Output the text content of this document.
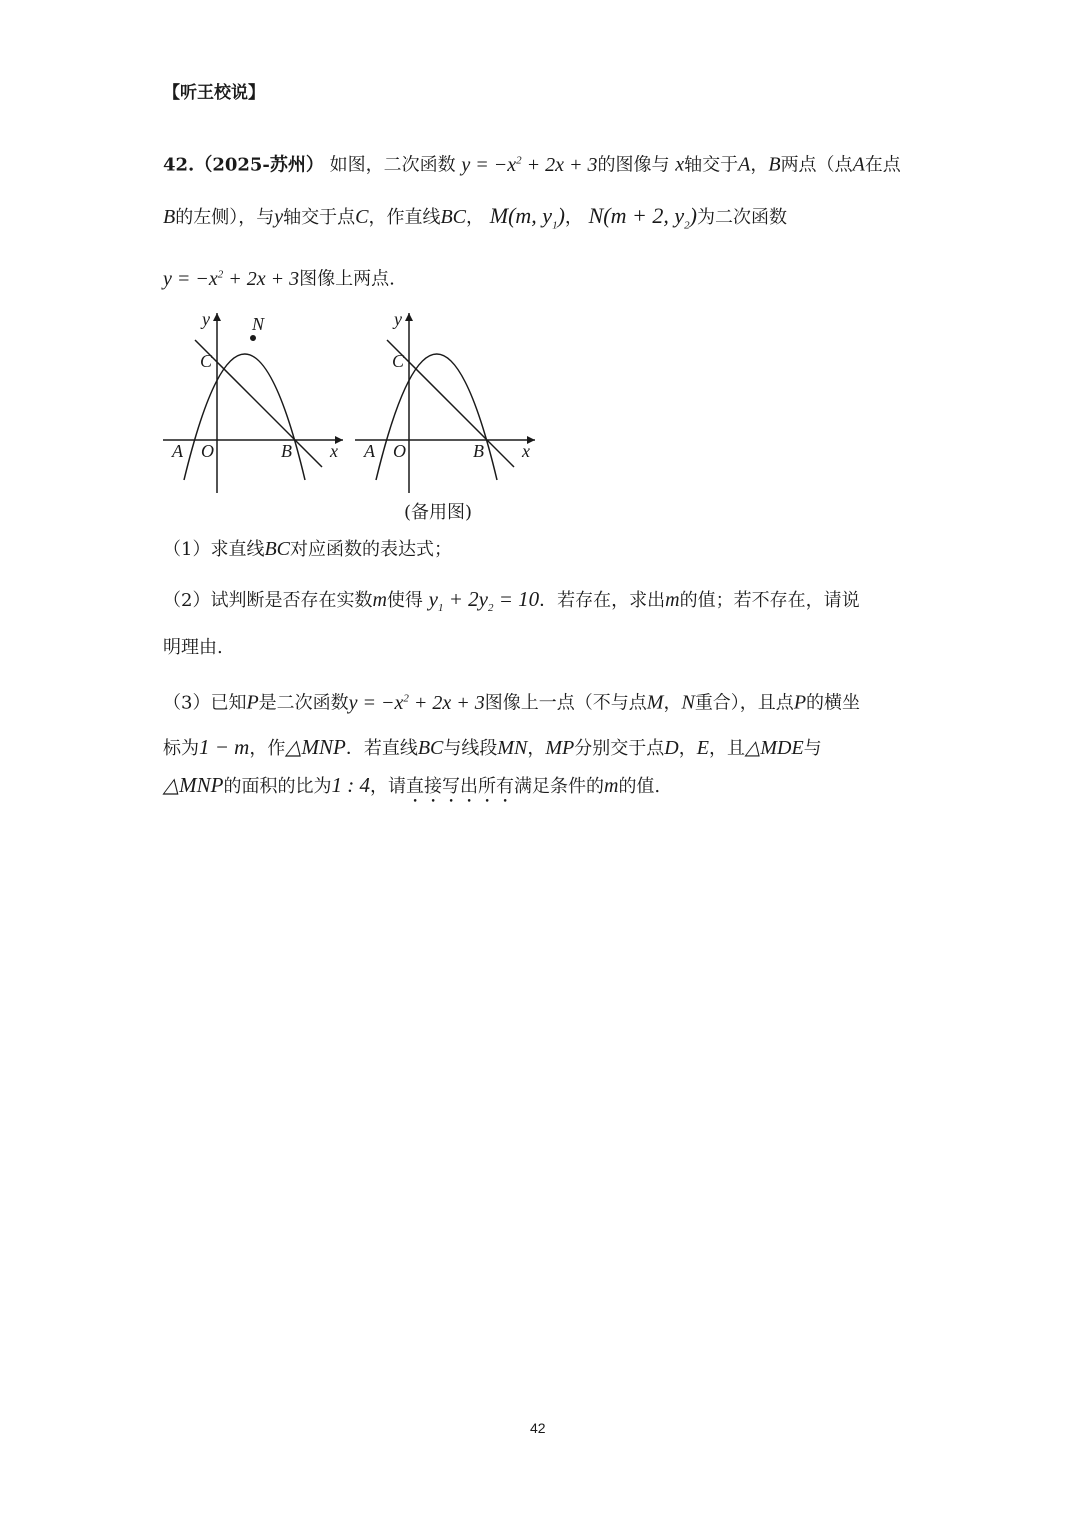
【听王校说】
42.（2025-苏州） 如图，二次函数 $y = -x^2 + 2x + 3$的图像与 x轴交于A，B两点（点A在点
B的左侧），与y轴交于点C，作直线BC， M(m, $y_1$)， N(m + 2, $y_2$)为二次函数
$y = -x^2 + 2x + 3$图像上两点.
y N
C
A O	B x
y
C
A O	B x
(备用图)
（1）求直线BC对应函数的表达式；
（2）试判断是否存在实数m使得 $y_1 + 2y_2 = 10$．若存在，求出m的值；若不存在，请说
明理由.
（3）已知P是二次函数$y = -x^2 + 2x + 3$图像上一点（不与点M，N重合），且点P的横坐
标为1 − m，作△MNP．若直线BC与线段MN，MP分别交于点D，E，且△MDE与
△MNP的面积的比为1 : 4，请直接写出所有满足条件的m的值.
42
